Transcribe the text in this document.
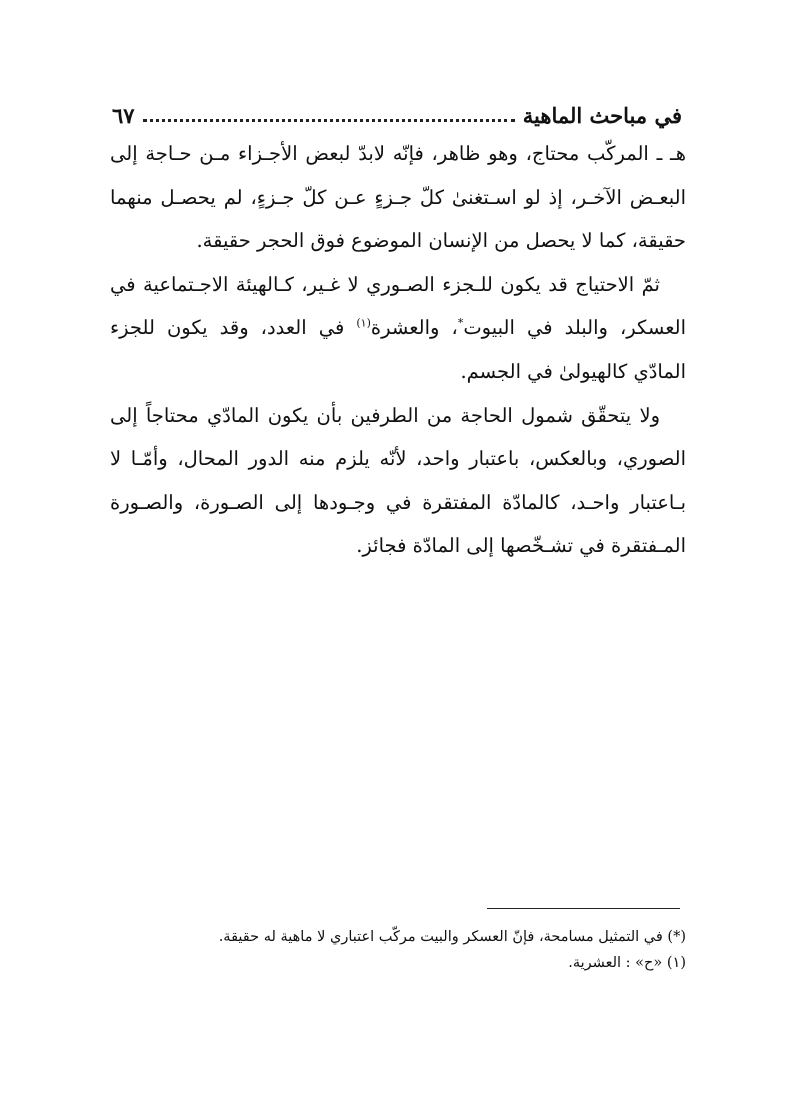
في مباحث الماهية
٦٧

هـ ـ المركّب محتاج، وهو ظاهر، فإنّه لابدّ لبعض الأجـزاء مـن حـاجة إلى البعـض الآخـر، إذ لو اسـتغنىٰ كلّ جـزءٍ عـن كلّ جـزءٍ، لم يحصـل منهما حقيقة، كما لا يحصل من الإنسان الموضوع فوق الحجر حقيقة.

ثمّ الاحتياج قد يكون للـجزء الصـوري لا غـير، كـالهيئة الاجـتماعية في العسكر، والبلد في البيوت*، والعشرة$^{(١)}$ في العدد، وقد يكون للجزء المادّي كالهيولىٰ في الجسم.

ولا يتحقّق شمول الحاجة من الطرفين بأن يكون المادّي محتاجاً إلى الصوري، وبالعكس، باعتبار واحد، لأنّه يلزم منه الدور المحال، وأمّـا لا بـاعتبار واحـد، كالمادّة المفتقرة في وجـودها إلى الصـورة، والصـورة المـفتقرة في تشـخّصها إلى المادّة فجائز.

(*) في التمثيل مسامحة، فإنّ العسكر والبيت مركّب اعتباري لا ماهية له حقيقة.

(١) «ح» : العشرية.
